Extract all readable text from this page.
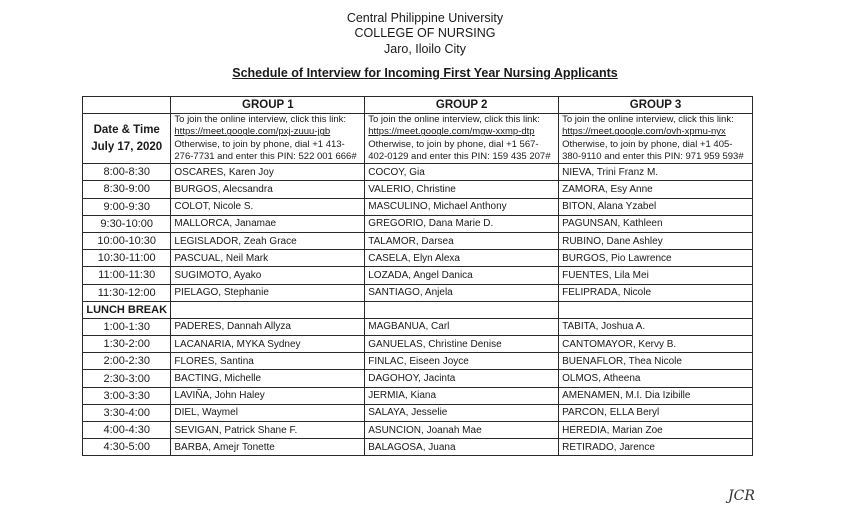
Central Philippine University
COLLEGE OF NURSING
Jaro, Iloilo City
Schedule of Interview for Incoming First Year Nursing Applicants
	GROUP 1	GROUP 2	GROUP 3

Date & Time
July 17, 2020	To join the online interview, click this link: https://meet.google.com/pxj-zuuu-jgb Otherwise, to join by phone, dial +1 413-276-7731 and enter this PIN: 522 001 666#	To join the online interview, click this link: https://meet.google.com/mgw-xxmp-dtp Otherwise, to join by phone, dial +1 567-402-0129 and enter this PIN: 159 435 207#	To join the online interview, click this link: https://meet.google.com/ovh-xpmu-nyx Otherwise, to join by phone, dial +1 405-380-9110 and enter this PIN: 971 959 593#
8:00-8:30	OSCARES, Karen Joy	COCOY, Gia	NIEVA, Trini Franz M.
8:30-9:00	BURGOS, Alecsandra	VALERIO, Christine	ZAMORA, Esy Anne
9:00-9:30	COLOT, Nicole S.	MASCULINO, Michael Anthony	BITON, Alana Yzabel
9:30-10:00	MALLORCA, Janamae	GREGORIO, Dana Marie D.	PAGUNSAN, Kathleen
10:00-10:30	LEGISLADOR, Zeah Grace	TALAMOR, Darsea	RUBINO, Dane Ashley
10:30-11:00	PASCUAL, Neil Mark	CASELA, Elyn Alexa	BURGOS, Pio Lawrence
11:00-11:30	SUGIMOTO, Ayako	LOZADA, Angel Danica	FUENTES, Lila Mei
11:30-12:00	PIELAGO, Stephanie	SANTIAGO, Anjela	FELIPRADA, Nicole
LUNCH BREAK			
1:00-1:30	PADERES, Dannah Allyza	MAGBANUA, Carl	TABITA, Joshua A.
1:30-2:00	LACANARIA, MYKA Sydney	GANUELAS, Christine Denise	CANTOMAYOR, Kervy B.
2:00-2:30	FLORES, Santina	FINLAC, Eiseen Joyce	BUENAFLOR, Thea Nicole
2:30-3:00	BACTING, Michelle	DAGOHOY, Jacinta	OLMOS, Atheena
3:00-3:30	LAVIÑA, John Haley	JERMIA, Kiana	AMENAMEN, M.I. Dia Izibille
3:30-4:00	DIEL, Waymel	SALAYA, Jesselie	PARCON, ELLA Beryl
4:00-4:30	SEVIGAN, Patrick Shane F.	ASUNCION, Joanah Mae	HEREDIA, Marian Zoe
4:30-5:00	BARBA, Amejr Tonette	BALAGOSA, Juana	RETIRADO, Jarence
JCR
